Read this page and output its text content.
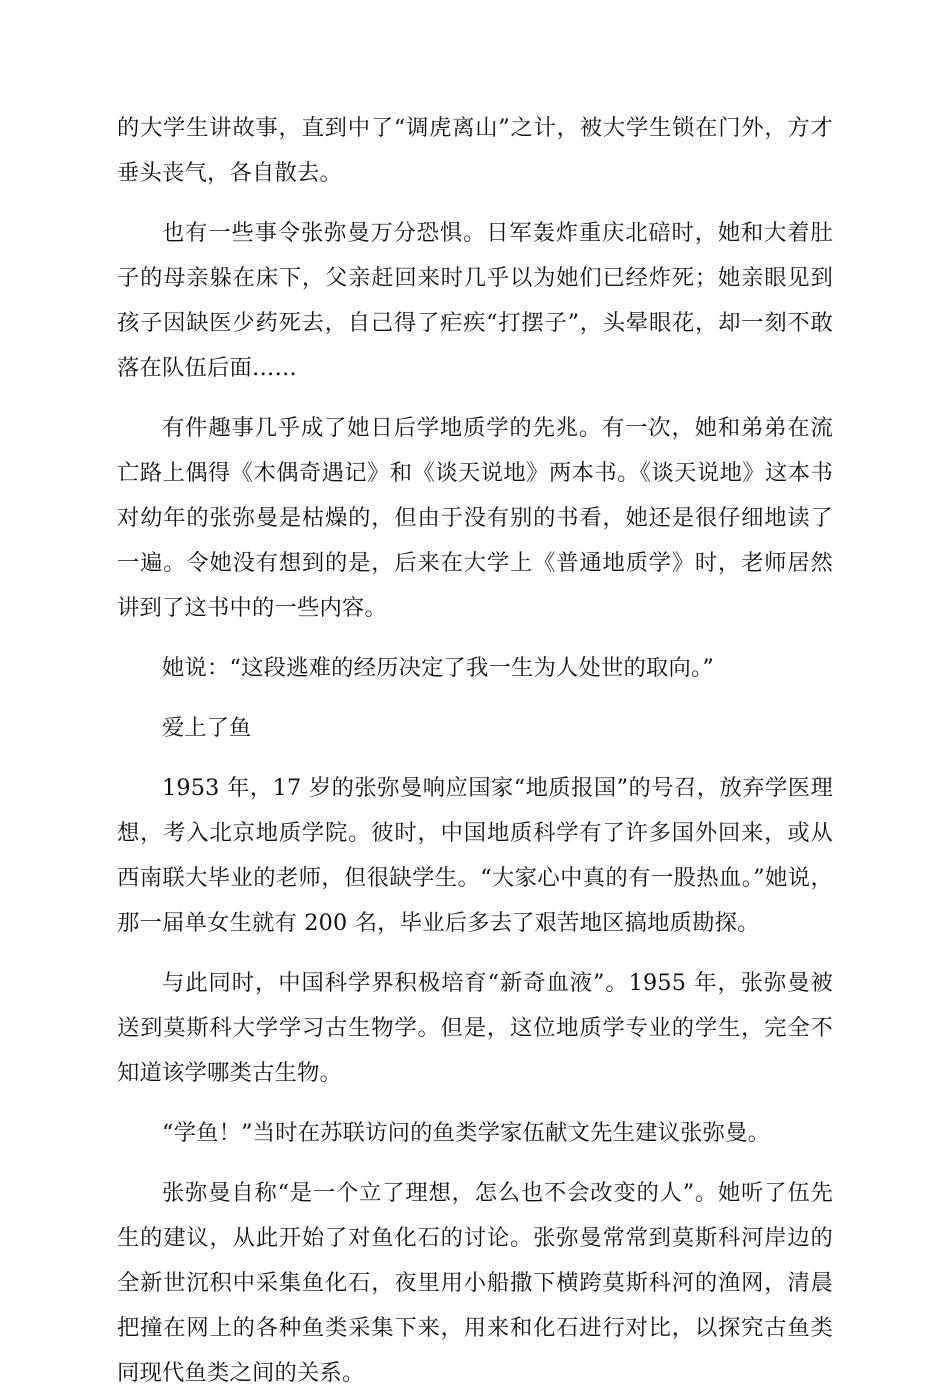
的大学生讲故事，直到中了“调虎离山”之计，被大学生锁在门外，方才垂头丧气，各自散去。

也有一些事令张弥曼万分恐惧。日军轰炸重庆北碚时，她和大着肚子的母亲躲在床下，父亲赶回来时几乎以为她们已经炸死；她亲眼见到孩子因缺医少药死去，自己得了疟疾“打摆子”，头晕眼花，却一刻不敢落在队伍后面……

有件趣事几乎成了她日后学地质学的先兆。有一次，她和弟弟在流亡路上偶得《木偶奇遇记》和《谈天说地》两本书。《谈天说地》这本书对幼年的张弥曼是枯燥的，但由于没有别的书看，她还是很仔细地读了一遍。令她没有想到的是，后来在大学上《普通地质学》时，老师居然讲到了这书中的一些内容。

她说：“这段逃难的经历决定了我一生为人处世的取向。”

爱上了鱼

1953 年，17 岁的张弥曼响应国家“地质报国”的号召，放弃学医理想，考入北京地质学院。彼时，中国地质科学有了许多国外回来，或从西南联大毕业的老师，但很缺学生。“大家心中真的有一股热血。”她说，那一届单女生就有 200 名，毕业后多去了艰苦地区搞地质勘探。

与此同时，中国科学界积极培育“新奇血液”。1955 年，张弥曼被送到莫斯科大学学习古生物学。但是，这位地质学专业的学生，完全不知道该学哪类古生物。

“学鱼！”当时在苏联访问的鱼类学家伍献文先生建议张弥曼。

张弥曼自称“是一个立了理想，怎么也不会改变的人”。她听了伍先生的建议，从此开始了对鱼化石的讨论。张弥曼常常到莫斯科河岸边的全新世沉积中采集鱼化石，夜里用小船撒下横跨莫斯科河的渔网，清晨把撞在网上的各种鱼类采集下来，用来和化石进行对比，以探究古鱼类同现代鱼类之间的关系。
